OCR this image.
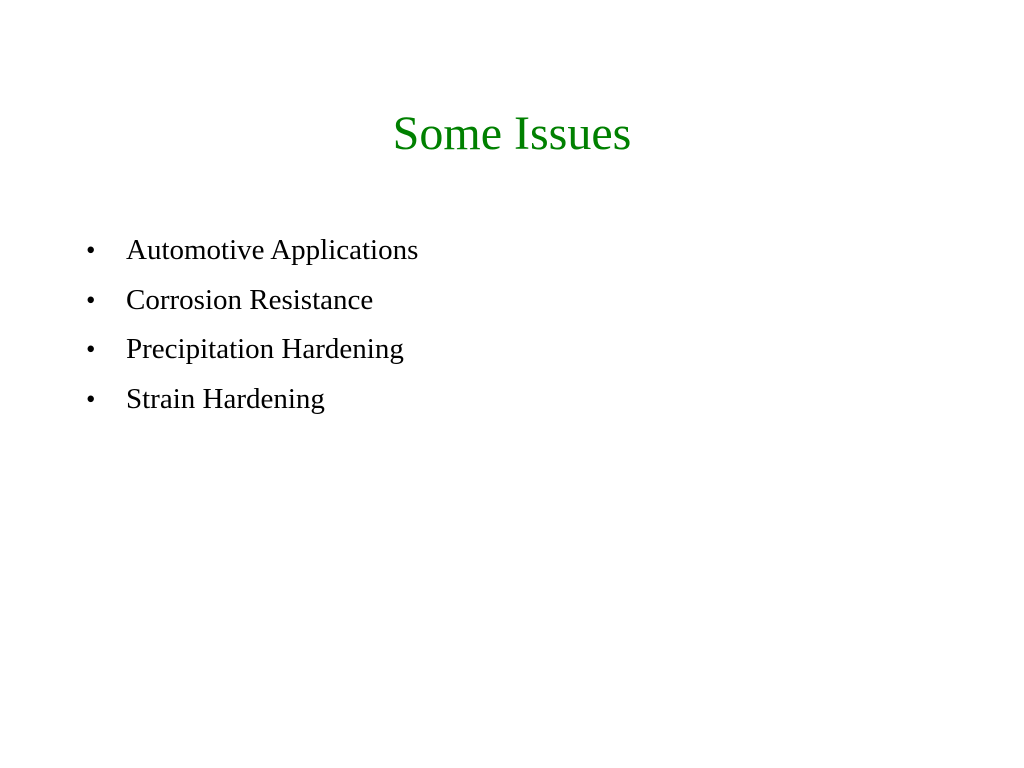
Some Issues
•	Automotive Applications
•	Corrosion Resistance
•	Precipitation Hardening
•	Strain Hardening
